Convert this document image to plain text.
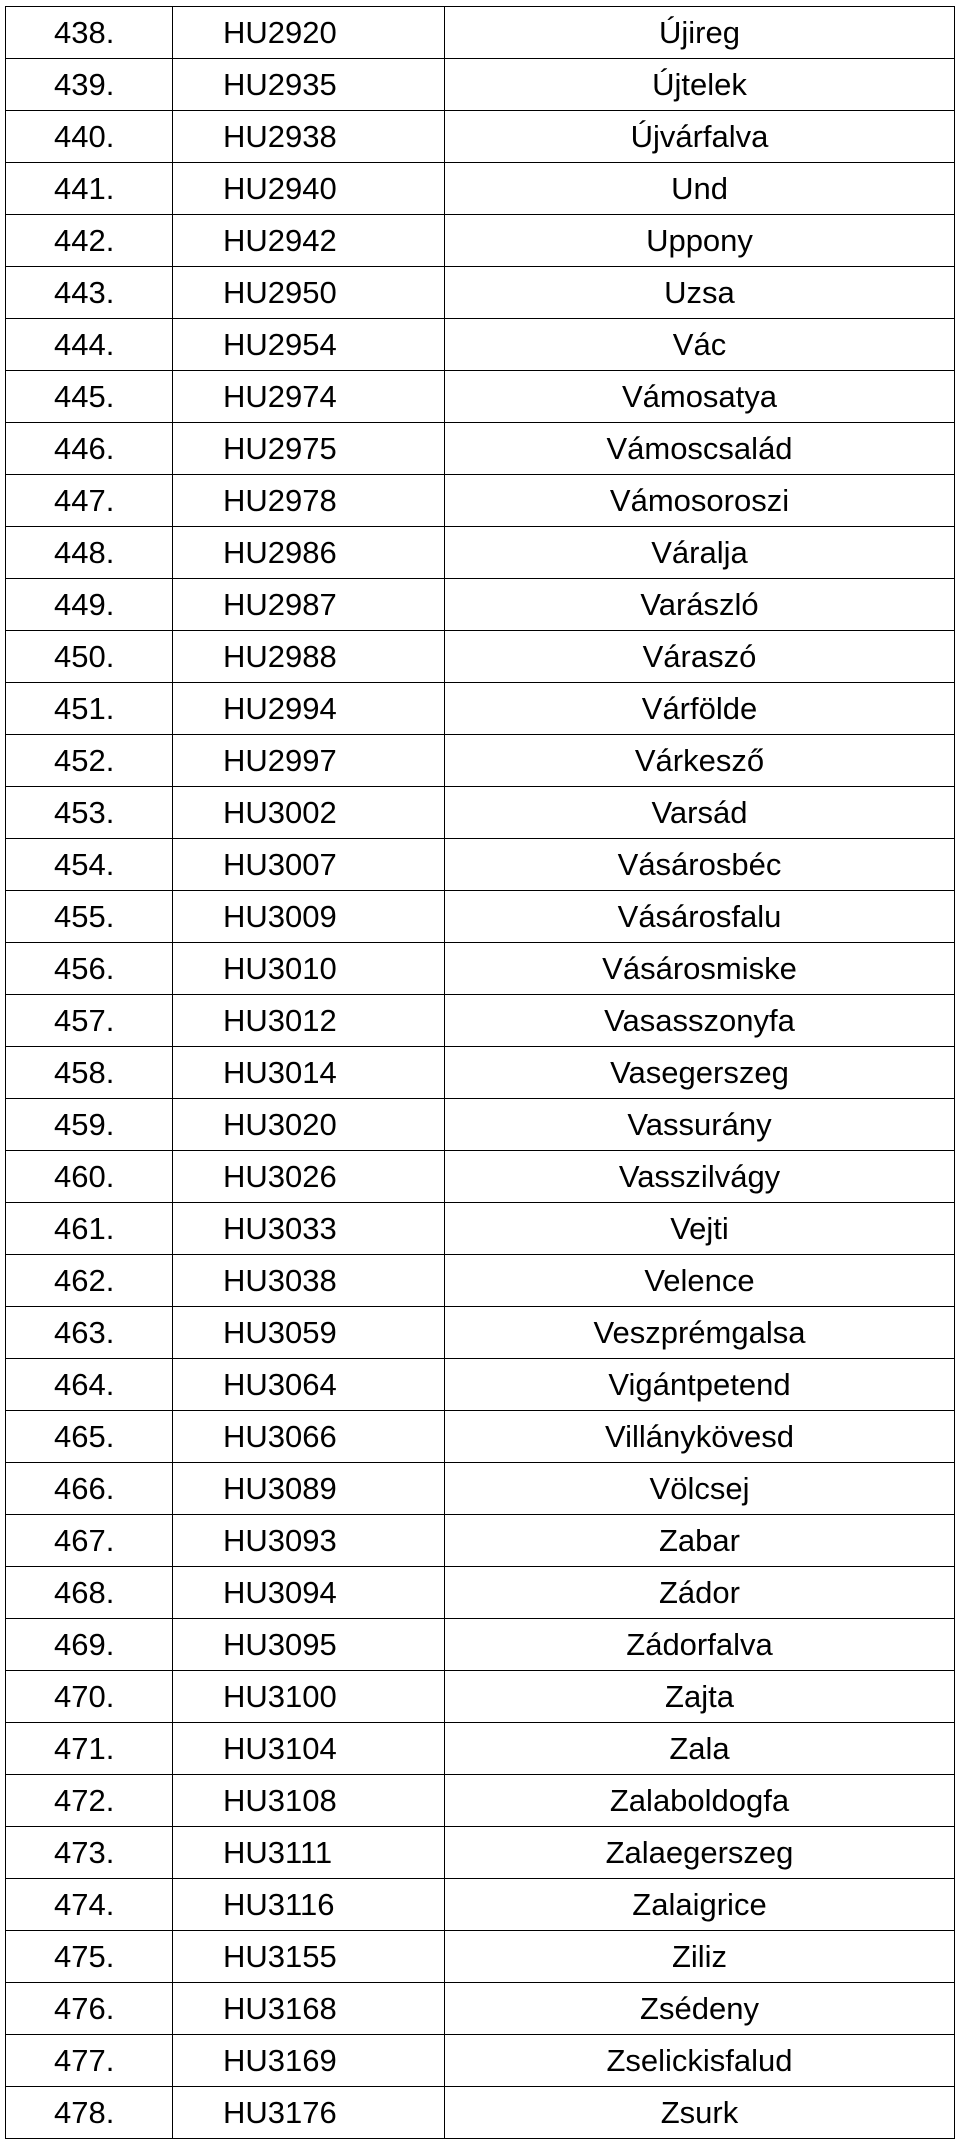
438.	HU2920	Újireg
439.	HU2935	Újtelek
440.	HU2938	Újvárfalva
441.	HU2940	Und
442.	HU2942	Uppony
443.	HU2950	Uzsa
444.	HU2954	Vác
445.	HU2974	Vámosatya
446.	HU2975	Vámoscsalád
447.	HU2978	Vámosoroszi
448.	HU2986	Váralja
449.	HU2987	Varászló
450.	HU2988	Váraszó
451.	HU2994	Várfölde
452.	HU2997	Várkesző
453.	HU3002	Varsád
454.	HU3007	Vásárosbéc
455.	HU3009	Vásárosfalu
456.	HU3010	Vásárosmiske
457.	HU3012	Vasasszonyfa
458.	HU3014	Vasegerszeg
459.	HU3020	Vassurány
460.	HU3026	Vasszilvágy
461.	HU3033	Vejti
462.	HU3038	Velence
463.	HU3059	Veszprémgalsa
464.	HU3064	Vigántpetend
465.	HU3066	Villánykövesd
466.	HU3089	Völcsej
467.	HU3093	Zabar
468.	HU3094	Zádor
469.	HU3095	Zádorfalva
470.	HU3100	Zajta
471.	HU3104	Zala
472.	HU3108	Zalaboldogfa
473.	HU3111	Zalaegerszeg
474.	HU3116	Zalaigrice
475.	HU3155	Ziliz
476.	HU3168	Zsédeny
477.	HU3169	Zselickisfalud
478.	HU3176	Zsurk
